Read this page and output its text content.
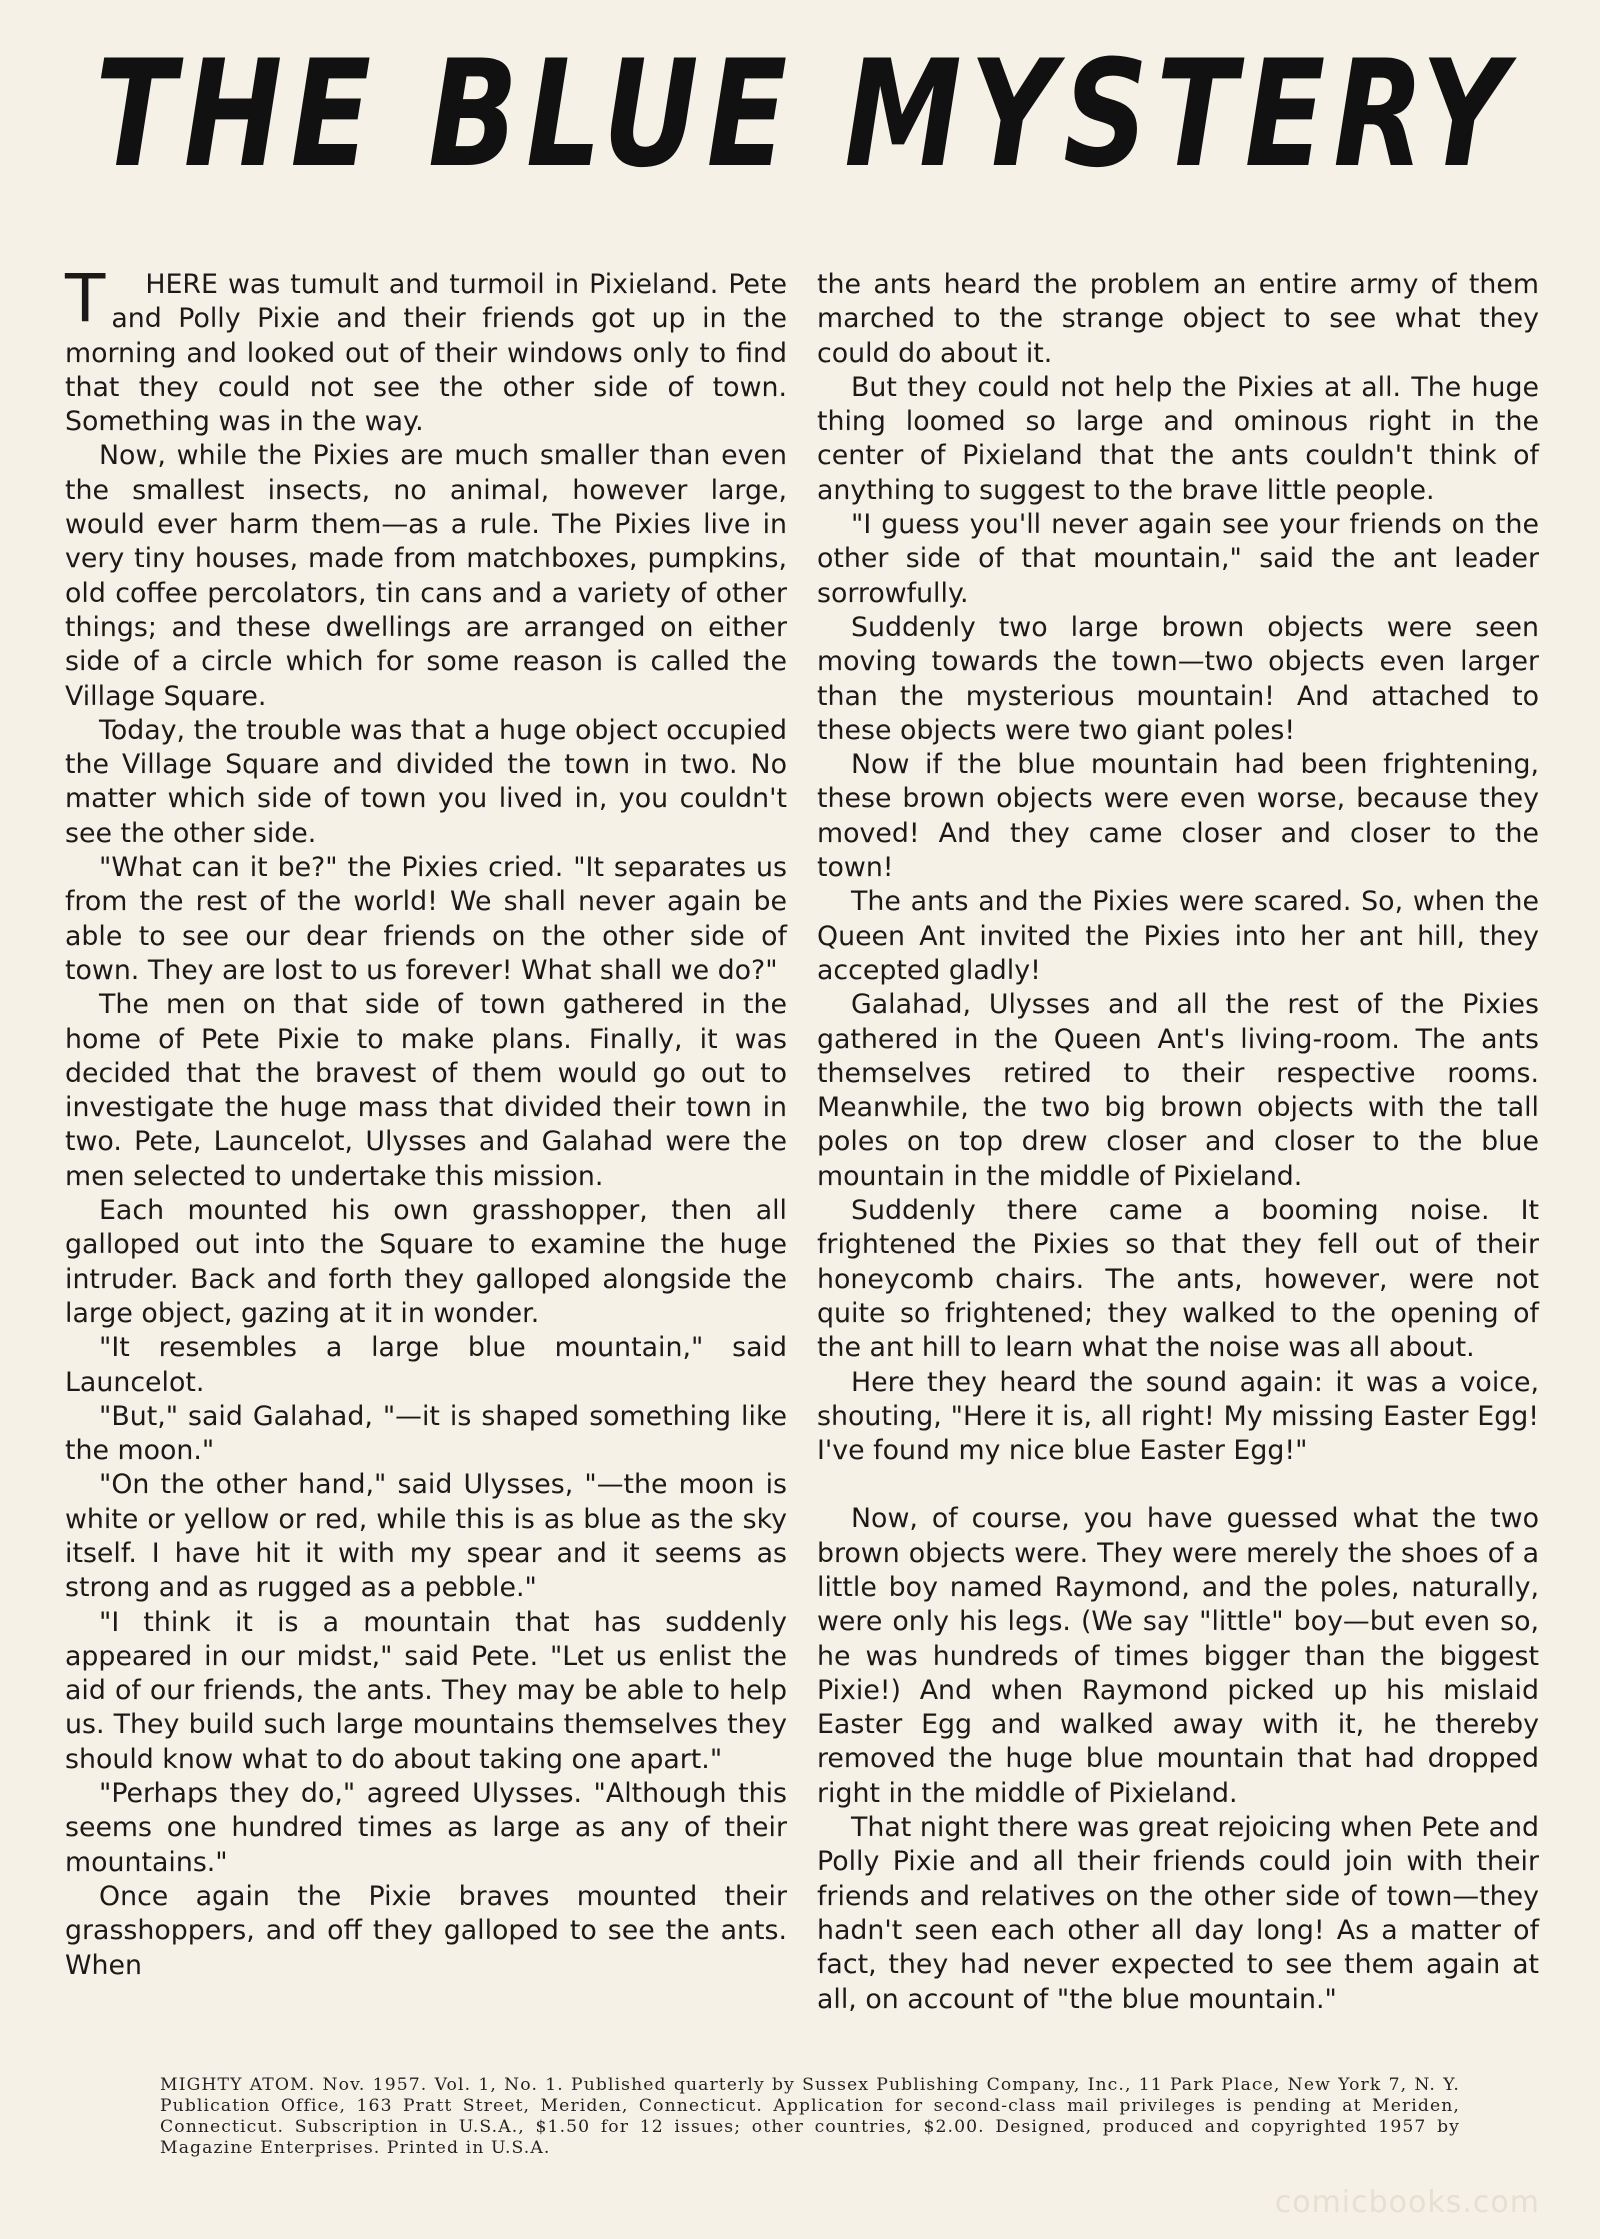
THE BLUE MYSTERY

T HERE was tumult and turmoil in Pixieland. Pete and Polly Pixie and their friends got up in the morning and looked out of their windows only to find that they could not see the other side of town. Something was in the way.

Now, while the Pixies are much smaller than even the smallest insects, no animal, however large, would ever harm them—as a rule. The Pixies live in very tiny houses, made from matchboxes, pumpkins, old coffee percolators, tin cans and a variety of other things; and these dwellings are arranged on either side of a circle which for some reason is called the Village Square.

Today, the trouble was that a huge object occupied the Village Square and divided the town in two. No matter which side of town you lived in, you couldn't see the other side.

"What can it be?" the Pixies cried. "It separates us from the rest of the world! We shall never again be able to see our dear friends on the other side of town. They are lost to us forever! What shall we do?"

The men on that side of town gathered in the home of Pete Pixie to make plans. Finally, it was decided that the bravest of them would go out to investigate the huge mass that divided their town in two. Pete, Launcelot, Ulysses and Galahad were the men selected to undertake this mission.

Each mounted his own grasshopper, then all galloped out into the Square to examine the huge intruder. Back and forth they galloped alongside the large object, gazing at it in wonder.

"It resembles a large blue mountain," said Launcelot.

"But," said Galahad, "—it is shaped something like the moon."

"On the other hand," said Ulysses, "—the moon is white or yellow or red, while this is as blue as the sky itself. I have hit it with my spear and it seems as strong and as rugged as a pebble."

"I think it is a mountain that has suddenly appeared in our midst," said Pete. "Let us enlist the aid of our friends, the ants. They may be able to help us. They build such large mountains themselves they should know what to do about taking one apart."

"Perhaps they do," agreed Ulysses. "Although this seems one hundred times as large as any of their mountains."

Once again the Pixie braves mounted their grasshoppers, and off they galloped to see the ants. When

the ants heard the problem an entire army of them marched to the strange object to see what they could do about it.

But they could not help the Pixies at all. The huge thing loomed so large and ominous right in the center of Pixieland that the ants couldn't think of anything to suggest to the brave little people.

"I guess you'll never again see your friends on the other side of that mountain," said the ant leader sorrowfully.

Suddenly two large brown objects were seen moving towards the town—two objects even larger than the mysterious mountain! And attached to these objects were two giant poles!

Now if the blue mountain had been frightening, these brown objects were even worse, because they moved! And they came closer and closer to the town!

The ants and the Pixies were scared. So, when the Queen Ant invited the Pixies into her ant hill, they accepted gladly!

Galahad, Ulysses and all the rest of the Pixies gathered in the Queen Ant's living-room. The ants themselves retired to their respective rooms. Meanwhile, the two big brown objects with the tall poles on top drew closer and closer to the blue mountain in the middle of Pixieland.

Suddenly there came a booming noise. It frightened the Pixies so that they fell out of their honeycomb chairs. The ants, however, were not quite so frightened; they walked to the opening of the ant hill to learn what the noise was all about.

Here they heard the sound again: it was a voice, shouting, "Here it is, all right! My missing Easter Egg! I've found my nice blue Easter Egg!"

Now, of course, you have guessed what the two brown objects were. They were merely the shoes of a little boy named Raymond, and the poles, naturally, were only his legs. (We say "little" boy—but even so, he was hundreds of times bigger than the biggest Pixie!) And when Raymond picked up his mislaid Easter Egg and walked away with it, he thereby removed the huge blue mountain that had dropped right in the middle of Pixieland.

That night there was great rejoicing when Pete and Polly Pixie and all their friends could join with their friends and relatives on the other side of town—they hadn't seen each other all day long! As a matter of fact, they had never expected to see them again at all, on account of "the blue mountain."

MIGHTY ATOM. Nov. 1957. Vol. 1, No. 1. Published quarterly by Sussex Publishing Company, Inc., 11 Park Place, New York 7, N. Y. Publication Office, 163 Pratt Street, Meriden, Connecticut. Application for second-class mail privileges is pending at Meriden, Connecticut. Subscription in U.S.A., $1.50 for 12 issues; other countries, $2.00. Designed, produced and copyrighted 1957 by Magazine Enterprises. Printed in U.S.A.
comicbooks.com
